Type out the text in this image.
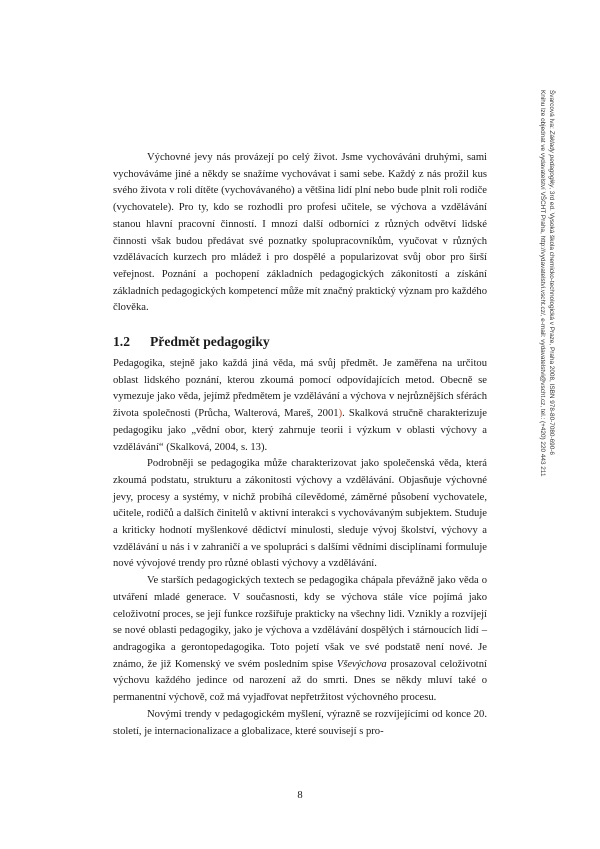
Švarcová Iva: Základy pedagogiky, 3rd ed. Vysoká škola chemicko-technologická v Praze, Praha 2008, ISBN 978-80-7080-690-6
Knihu lze objednat ve vydavatelství VŠCHT Praha, http://vydavatelstvi.vscht.cz/, e-mail: vydavatelstvi@vscht.cz, tel.: (+420) 220 443 211

Výchovné jevy nás provázejí po celý život. Jsme vychováváni druhými, sami vychováváme jiné a někdy se snažíme vychovávat i sami sebe. Každý z nás prožil kus svého života v roli dítěte (vychovávaného) a většina lidí plní nebo bude plnit roli rodiče (vychovatele). Pro ty, kdo se rozhodli pro profesi učitele, se výchova a vzdělávání stanou hlavní pracovní činností. I mnozí další odborníci z různých odvětví lidské činnosti však budou předávat své poznatky spolupracovníkům, vyučovat v různých vzdělávacích kurzech pro mládež i pro dospělé a popularizovat svůj obor pro širší veřejnost. Poznání a pochopení základních pedagogických zákonitostí a získání základních pedagogických kompetencí může mít značný praktický význam pro každého člověka.

1.2 Předmět pedagogiky

Pedagogika, stejně jako každá jiná věda, má svůj předmět. Je zaměřena na určitou oblast lidského poznání, kterou zkoumá pomocí odpovídajících metod. Obecně se vymezuje jako věda, jejímž předmětem je vzdělávání a výchova v nejrůznějších sférách života společnosti (Průcha, Walterová, Mareš, 2001). Skalková stručně charakterizuje pedagogiku jako „vědní obor, který zahrnuje teorii i výzkum v oblasti výchovy a vzdělávání“ (Skalková, 2004, s. 13).

Podrobněji se pedagogika může charakterizovat jako společenská věda, která zkoumá podstatu, strukturu a zákonitosti výchovy a vzdělávání. Objasňuje výchovné jevy, procesy a systémy, v nichž probíhá cílevědomé, záměrné působení vychovatele, učitele, rodičů a dalších činitelů v aktivní interakci s vychovávaným subjektem. Studuje a kriticky hodnotí myšlenkové dědictví minulosti, sleduje vývoj školství, výchovy a vzdělávání u nás i v zahraničí a ve spolupráci s dalšími vědními disciplínami formuluje nové vývojové trendy pro různé oblasti výchovy a vzdělávání.

Ve starších pedagogických textech se pedagogika chápala převážně jako věda o utváření mladé generace. V současnosti, kdy se výchova stále více pojímá jako celoživotní proces, se její funkce rozšiřuje prakticky na všechny lidi. Vznikly a rozvíjejí se nové oblasti pedagogiky, jako je výchova a vzdělávání dospělých i stárnoucích lidí – andragogika a gerontopedagogika. Toto pojetí však ve své podstatě není nové. Je známo, že již Komenský ve svém posledním spise Vševýchova prosazoval celoživotní výchovu každého jedince od narození až do smrti. Dnes se někdy mluví také o permanentní výchově, což má vyjadřovat nepřetržitost výchovného procesu.

Novými trendy v pedagogickém myšlení, výrazně se rozvíjejícími od konce 20. století, je internacionalizace a globalizace, které souvisejí s pro-

8
